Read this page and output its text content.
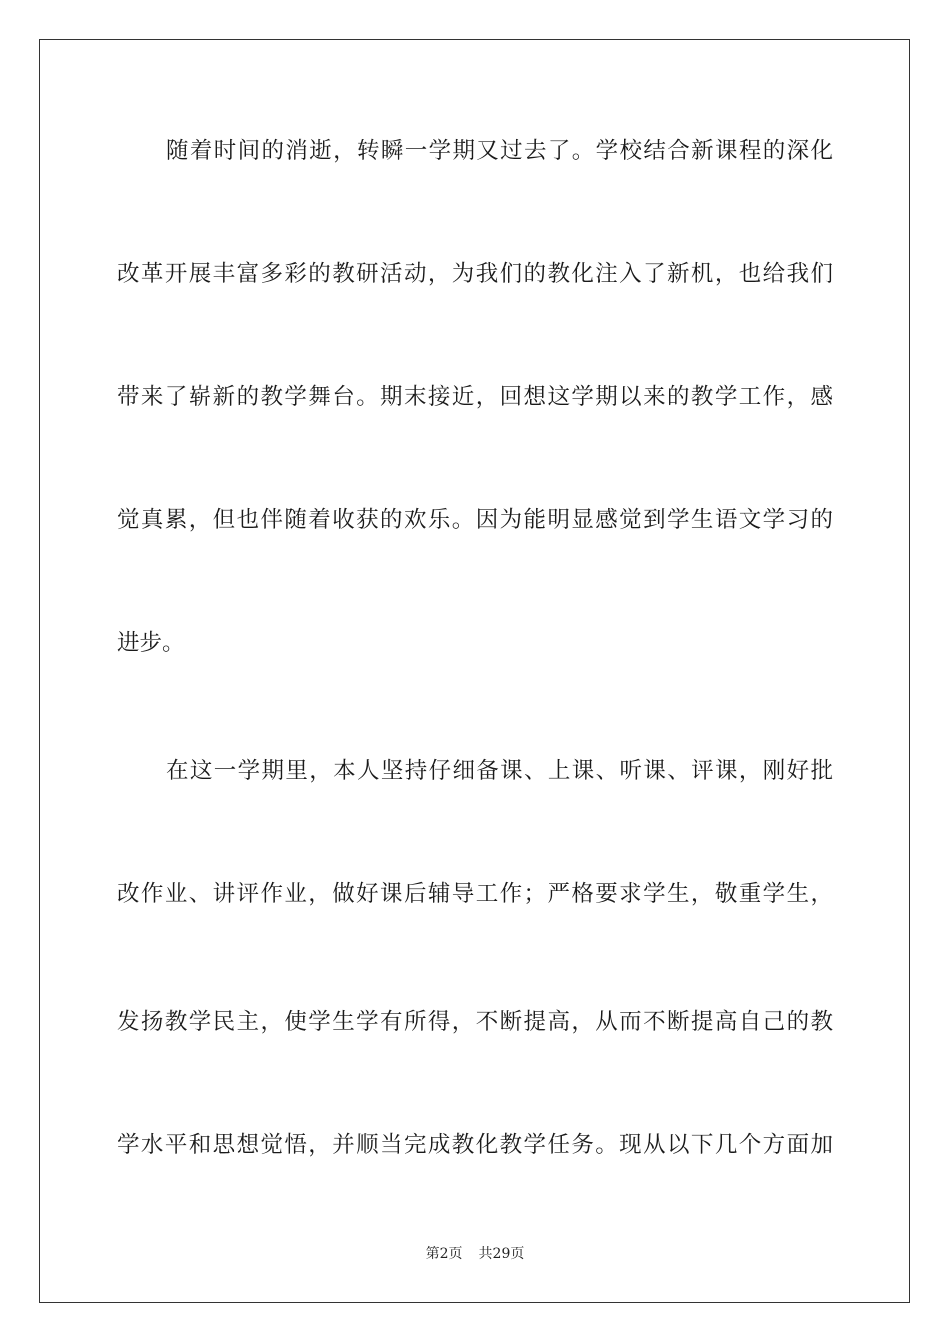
随着时间的消逝，转瞬一学期又过去了。学校结合新课程的深化
改革开展丰富多彩的教研活动，为我们的教化注入了新机，也给我们
带来了崭新的教学舞台。期末接近，回想这学期以来的教学工作，感
觉真累，但也伴随着收获的欢乐。因为能明显感觉到学生语文学习的
进步。
在这一学期里，本人坚持仔细备课、上课、听课、评课，刚好批
改作业、讲评作业，做好课后辅导工作；严格要求学生，敬重学生，
发扬教学民主，使学生学有所得，不断提高，从而不断提高自己的教
学水平和思想觉悟，并顺当完成教化教学任务。现从以下几个方面加
第2页 共29页
